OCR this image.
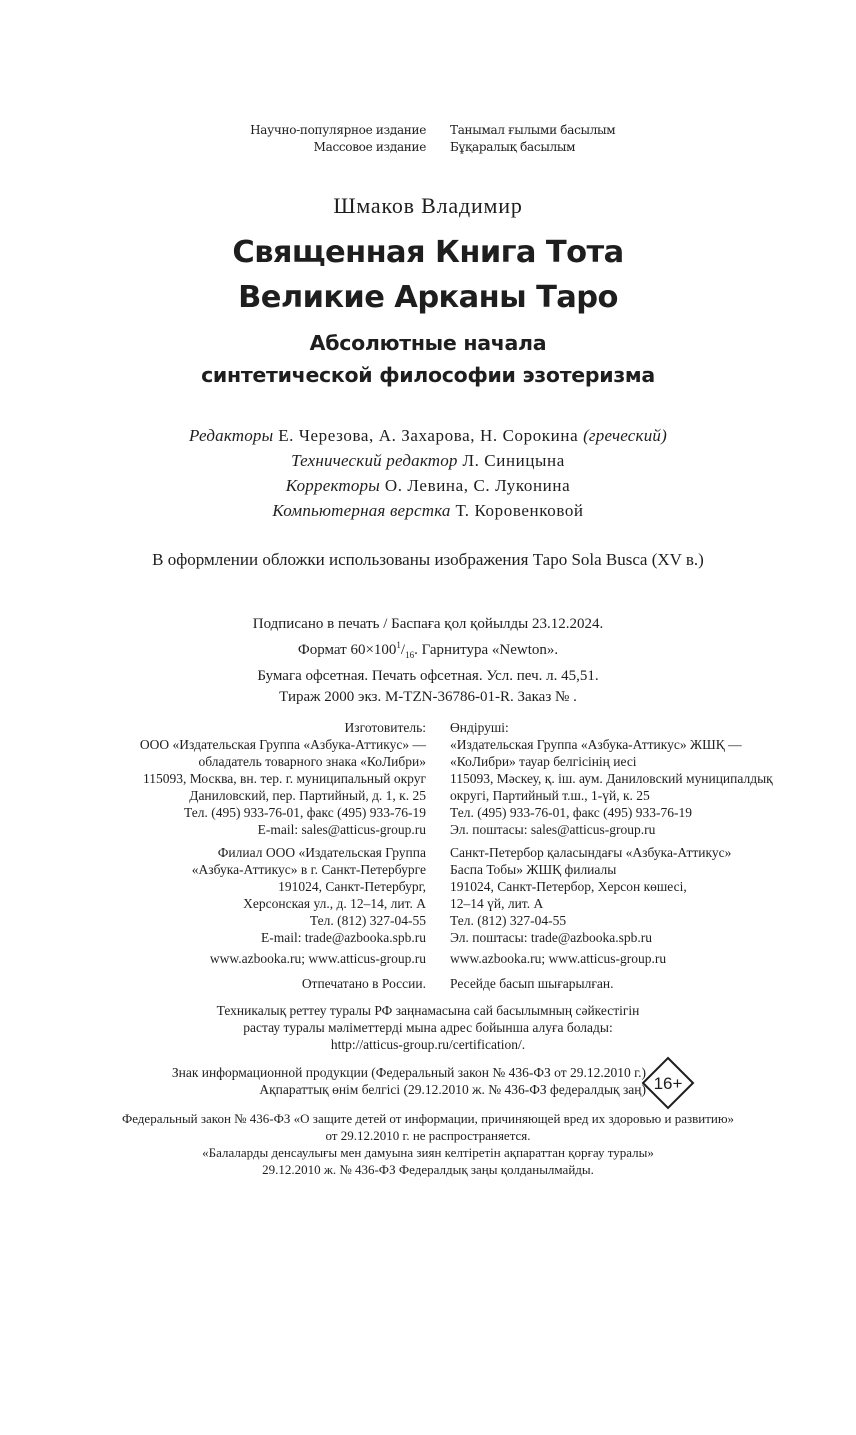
Научно-популярное издание
Массовое издание
Танымал ғылыми басылым
Бұқаралық басылым
Шмаков Владимир
Священная Книга Тота
Великие Арканы Таро
Абсолютные начала
синтетической философии эзотеризма
Редакторы Е. Черезова, А. Захарова, Н. Сорокина (греческий)
Технический редактор Л. Синицына
Корректоры О. Левина, С. Луконина
Компьютерная верстка Т. Коровенковой
В оформлении обложки использованы изображения Таро Sola Busca (XV в.)
Подписано в печать / Баспаға қол қойылды 23.12.2024.
Формат $60\times 100^1/_{16}$. Гарнитура «Newton».
Бумага офсетная. Печать офсетная. Усл. печ. л. 45,51.
Тираж 2000 экз. M-TZN-36786-01-R. Заказ № .
Изготовитель:
ООО «Издательская Группа «Азбука-Аттикус» —
обладатель товарного знака «КоЛибри»
115093, Москва, вн. тер. г. муниципальный округ
Даниловский, пер. Партийный, д. 1, к. 25
Тел. (495) 933-76-01, факс (495) 933-76-19
E-mail: sales@atticus-group.ru
Өндіруші:
«Издательская Группа «Азбука-Аттикус» ЖШҚ —
«КоЛибри» тауар белгісінің иесі
115093, Мәскеу, қ. іш. аум. Даниловский муниципалдық
округі, Партийный т.ш., 1-үй, к. 25
Тел. (495) 933-76-01, факс (495) 933-76-19
Эл. поштасы: sales@atticus-group.ru
Филиал ООО «Издательская Группа
«Азбука-Аттикус» в г. Санкт-Петербурге
191024, Санкт-Петербург,
Херсонская ул., д. 12–14, лит. А
Тел. (812) 327-04-55
E-mail: trade@azbooka.spb.ru
Санкт-Петербор қаласындағы «Азбука-Аттикус»
Баспа Тобы» ЖШҚ филиалы
191024, Санкт-Петербор, Херсон көшесі,
12–14 үй, лит. А
Тел. (812) 327-04-55
Эл. поштасы: trade@azbooka.spb.ru
www.azbooka.ru; www.atticus-group.ru www.azbooka.ru; www.atticus-group.ru
Отпечатано в России. Ресейде басып шығарылған.
Техникалық реттеу туралы РФ заңнамасына сай басылымның сәйкестігін
растау туралы мәліметтерді мына адрес бойынша алуға болады:
http://atticus-group.ru/certification/.
Знак информационной продукции (Федеральный закон № 436-ФЗ от 29.12.2010 г.)
Ақпараттық өнім белгісі (29.12.2010 ж. № 436-ФЗ федералдық заң) 16+
Федеральный закон № 436-ФЗ «О защите детей от информации, причиняющей вред их здоровью и развитию»
от 29.12.2010 г. не распространяется.
«Балаларды денсаулығы мен дамуына зиян келтіретін ақпараттан қорғау туралы»
29.12.2010 ж. № 436-ФЗ Федералдық заңы қолданылмайды.
